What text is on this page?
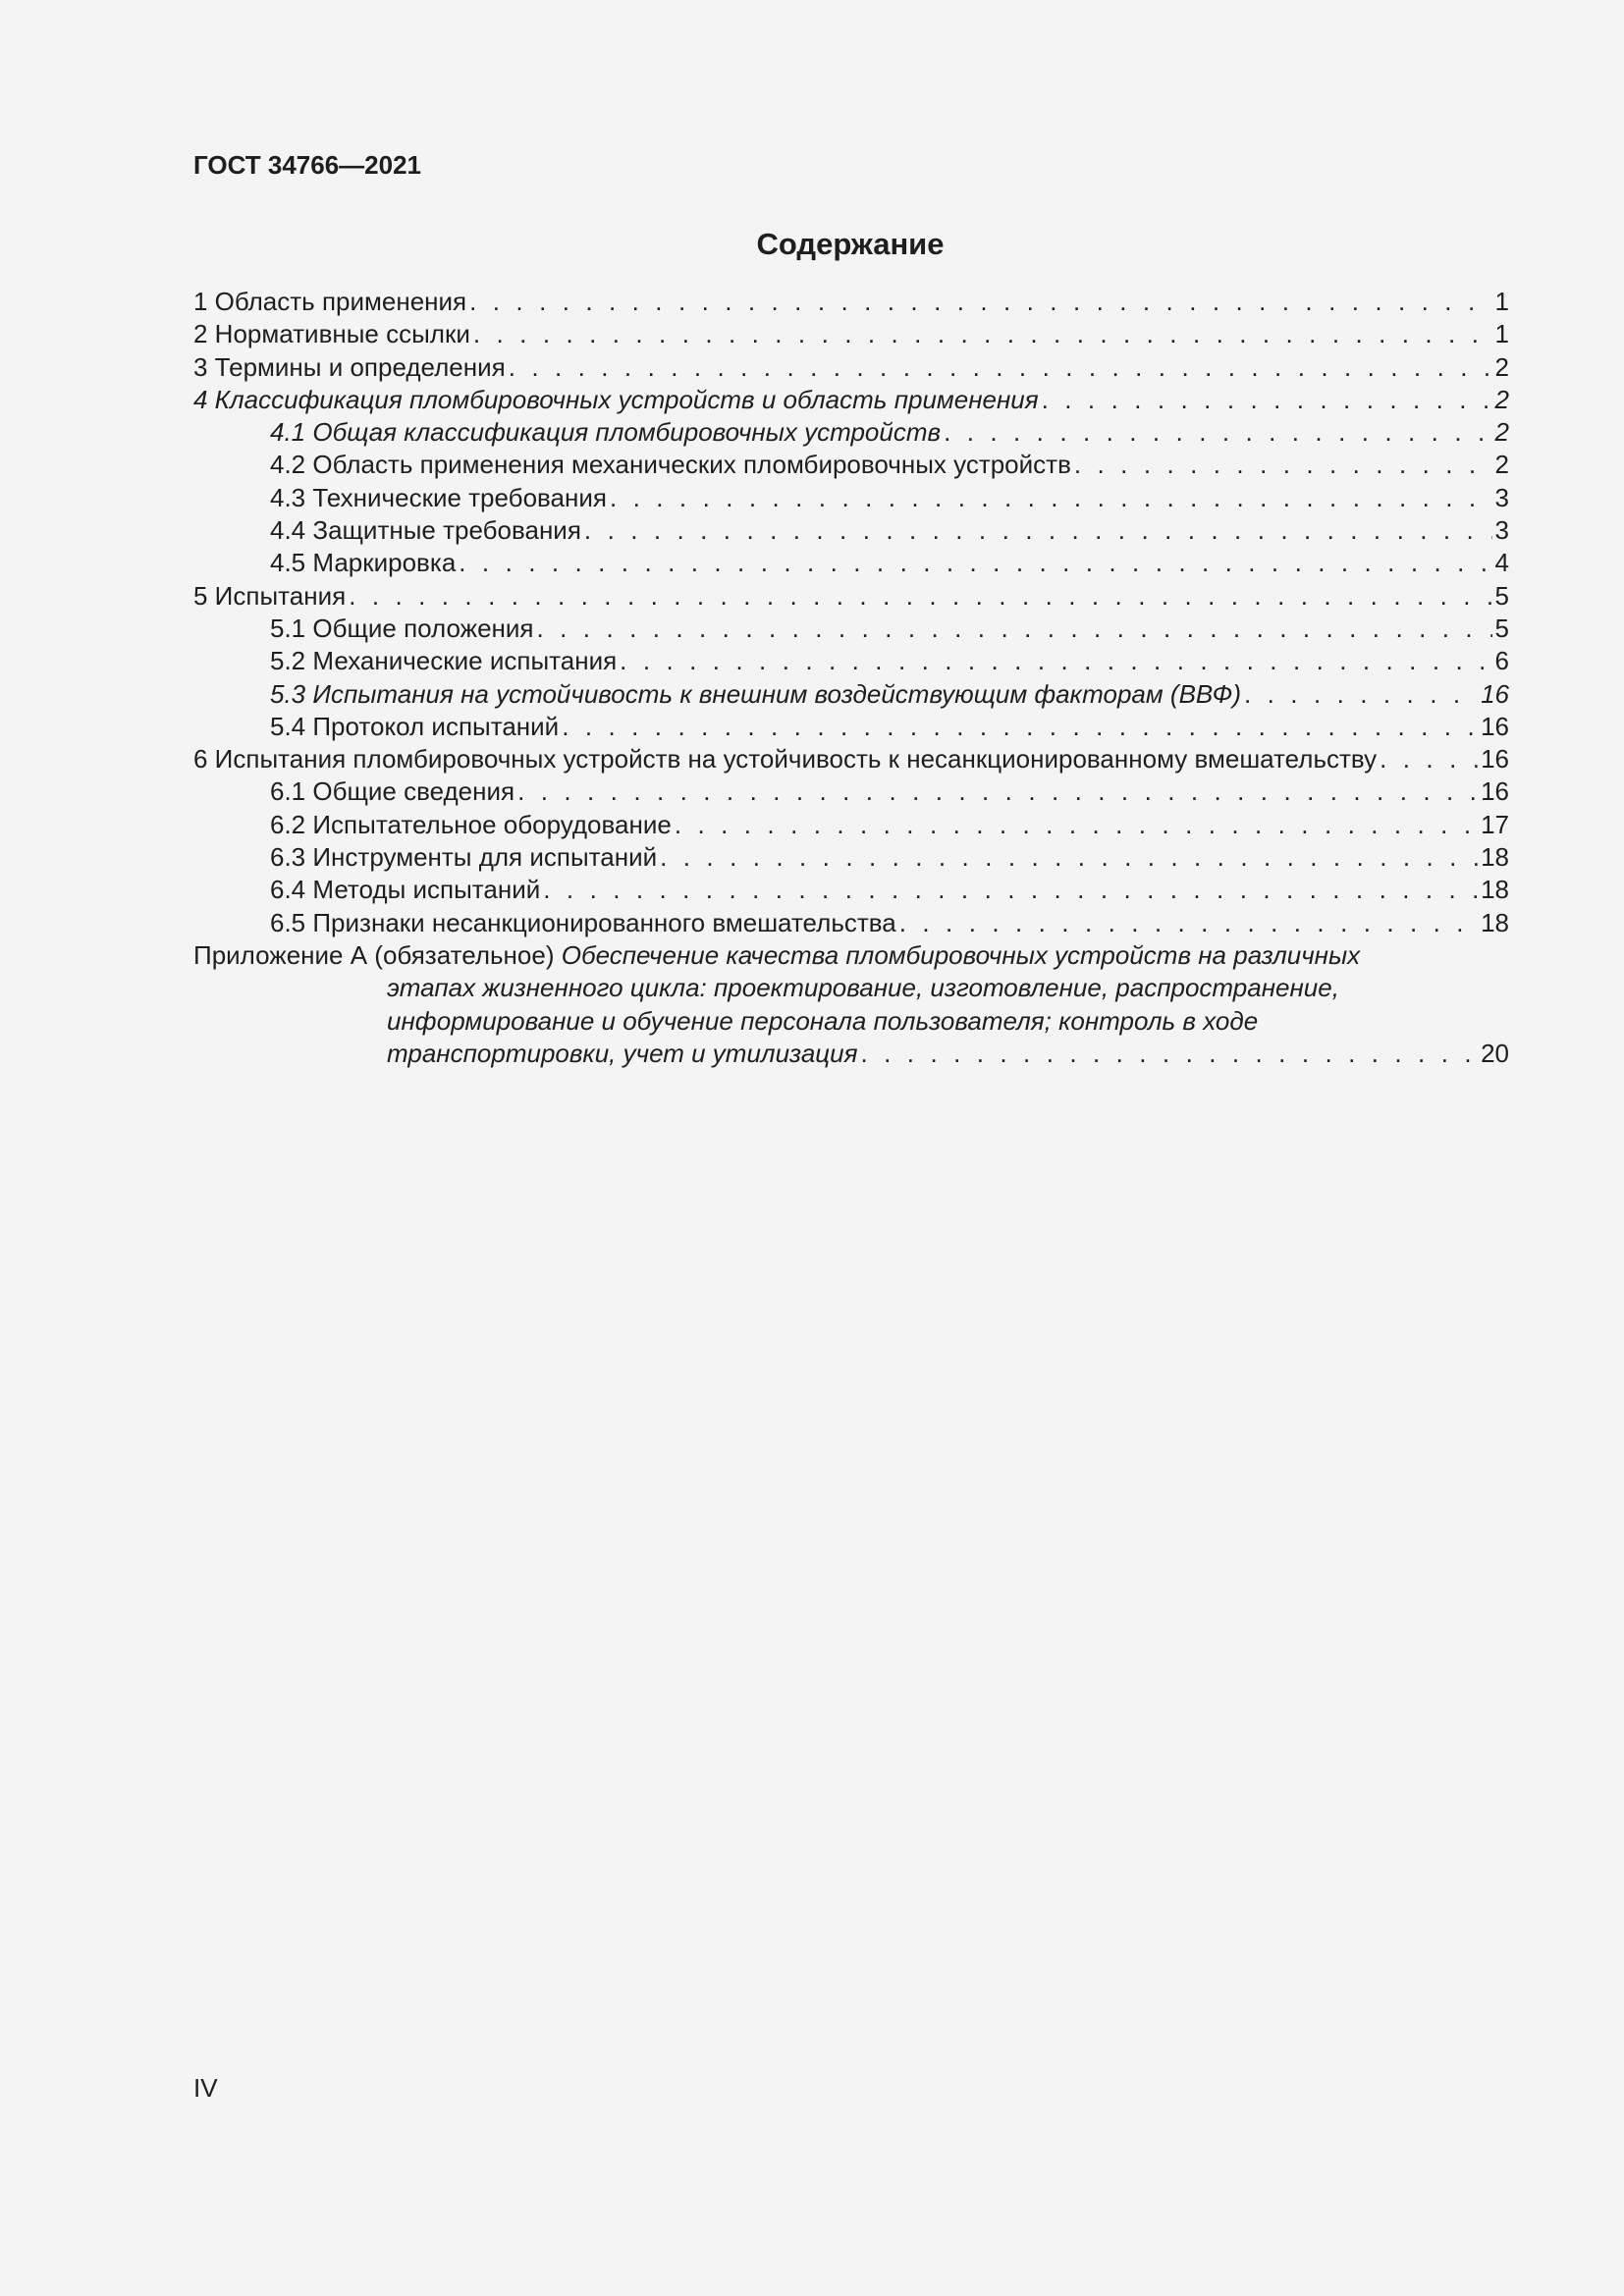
ГОСТ 34766—2021
Содержание
1 Область применения . . .	1
2 Нормативные ссылки . . .	1
3 Термины и определения . . .	2
4 Классификация пломбировочных устройств и область применения . . .	2
4.1 Общая классификация пломбировочных устройств . . .	2
4.2 Область применения механических пломбировочных устройств . . .	2
4.3 Технические требования . . .	3
4.4 Защитные требования . . .	3
4.5 Маркировка . . .	4
5 Испытания . . .	5
5.1 Общие положения . . .	5
5.2 Механические испытания . . .	6
5.3 Испытания на устойчивость к внешним воздействующим факторам (ВВФ) . . .	16
5.4 Протокол испытаний . . .	16
6 Испытания пломбировочных устройств на устойчивость к несанкционированному вмешательству . . .	16
6.1 Общие сведения . . .	16
6.2 Испытательное оборудование . . .	17
6.3 Инструменты для испытаний . . .	18
6.4 Методы испытаний . . .	18
6.5 Признаки несанкционированного вмешательства . . .	18
Приложение А (обязательное) Обеспечение качества пломбировочных устройств на различных
этапах жизненного цикла: проектирование, изготовление, распространение,
информирование и обучение персонала пользователя; контроль в ходе
транспортировки, учет и утилизация . . .	20
IV
